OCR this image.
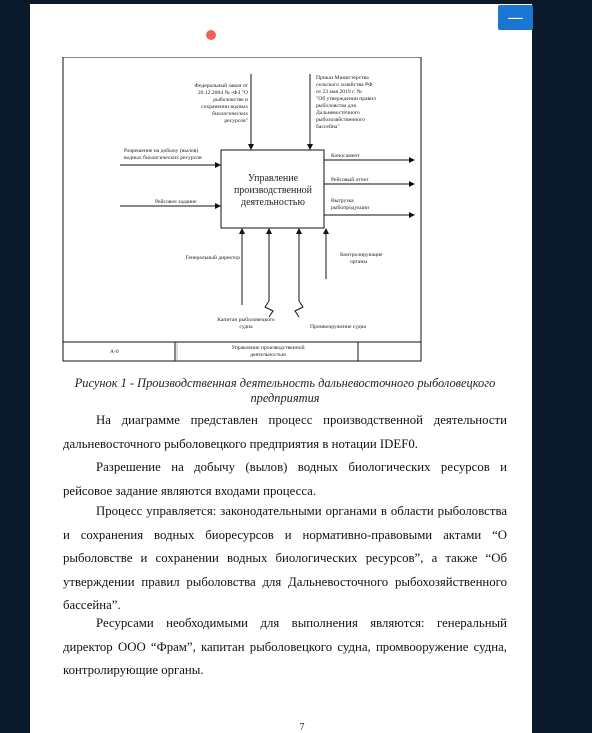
—
Управление
производственной
деятельностью
Федеральный закон от
20.12.2004 № -ФЗ "О
рыболовстве и
сохранении водных
биологических
ресурсов"
Приказ Министерства
сельского хозяйства РФ
от 23 мая 2019 г. №
"Об утверждении правил
рыболовства для
Дальневосточного
рыбохозяйственного
бассейна"
Разрешение на добычу (вылов)
водных биологических ресурсов
Рейсовое задание
Коносамент
Рейсовый отчет
Выгрузка
рыбопродукции
Генеральный директор
Капитан рыболовецкого
судна	Промвооружение судна
Контролирующие
органы
А-0
Управление производственной
деятельностью
Рисунок 1 - Производственная деятельность дальневосточного рыболовецкого предприятия

На диаграмме представлен процесс производственной деятельности дальневосточного рыболовецкого предприятия в нотации IDEF0.

Разрешение на добычу (вылов) водных биологических ресурсов и рейсовое задание являются входами процесса.

Процесс управляется: законодательными органами в области рыболовства и сохранения водных биоресурсов и нормативно-правовыми актами “О рыболовстве и сохранении водных биологических ресурсов”, а также “Об утверждении правил рыболовства для Дальневосточного рыбохозяйственного бассейна”.

Ресурсами необходимыми для выполнения являются: генеральный директор ООО “Фрам”, капитан рыболовецкого судна, промвооружение судна, контролирующие органы.

7
